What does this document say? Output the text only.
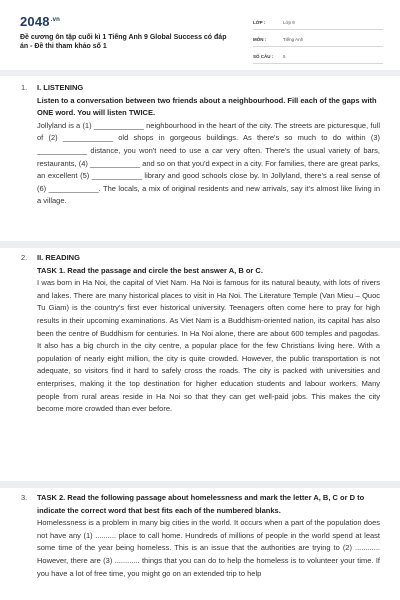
$2048^{.vn}$
Đề cương ôn tập cuối kì 1 Tiếng Anh 9 Global Success có đáp án - Đề thi tham khảo số 1
LỚP :	Lớp 9
MÔN :	Tiếng Anh
SỐ CÂU :	5
1. I. LISTENING
Listen to a conversation between two friends about a neighbourhood. Fill each of the gaps with ONE word. You will listen TWICE.
Jollyland is a (1) ____________ neighbourhood in the heart of the city. The streets are picturesque, full of (2) ____________ old shops in gorgeous buildings. As there's so much to do within (3) ____________ distance, you won't need to use a car very often. There's the usual variety of bars, restaurants, (4) ____________ and so on that you'd expect in a city. For families, there are great parks, an excellent (5) ____________ library and good schools close by. In Jollyland, there's a real sense of (6) ____________. The locals, a mix of original residents and new arrivals, say it's almost like living in a village.
2. II. READING
TASK 1. Read the passage and circle the best answer A, B or C.
I was born in Ha Noi, the capital of Viet Nam. Ha Noi is famous for its natural beauty, with lots of rivers and lakes. There are many historical places to visit in Ha Noi. The Literature Temple (Van Mieu – Quoc Tu Giam) is the country's first ever historical university. Teenagers often come here to pray for high results in their upcoming examinations. As Viet Nam is a Buddhism-oriented nation, its capital has also been the centre of Buddhism for centuries. In Ha Noi alone, there are about 600 temples and pagodas. It also has a big church in the city centre, a popular place for the few Christians living here. With a population of nearly eight million, the city is quite crowded. However, the public transportation is not adequate, so visitors find it hard to safely cross the roads. The city is packed with universities and enterprises, making it the top destination for higher education students and labour workers. Many people from rural areas reside in Ha Noi so that they can get well-paid jobs. This makes the city become more crowded than ever before.
3. TASK 2. Read the following passage about homelessness and mark the letter A, B, C or D to indicate the correct word that best fits each of the numbered blanks.
Homelessness is a problem in many big cities in the world. It occurs when a part of the population does not have any (1) .......... place to call home. Hundreds of millions of people in the world spend at least some time of the year being homeless. This is an issue that the authorities are trying to (2) ............ However, there are (3) ............ things that you can do to help the homeless is to volunteer your time. If you have a lot of free time, you might go on an extended trip to help
